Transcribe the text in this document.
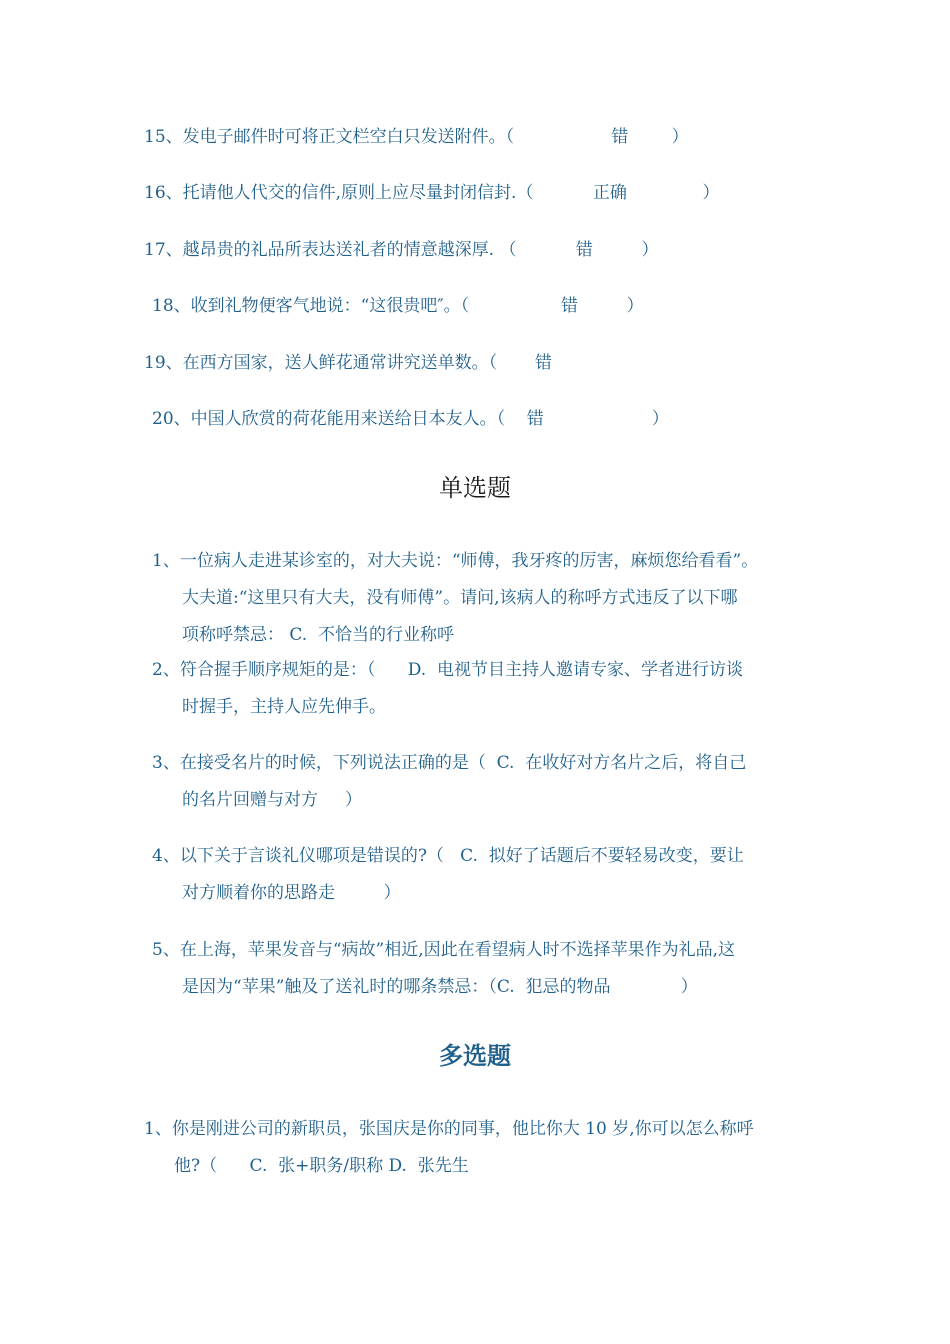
15、发电子邮件时可将正文栏空白只发送附件。（                  错        ）
16、托请他人代交的信件,原则上应尽量封闭信封.（           正确              ）
17、越昂贵的礼品所表达送礼者的情意越深厚. （           错         ）
18、收到礼物便客气地说：“这很贵吧″。（                 错         ）
19、在西方国家，送人鲜花通常讲究送单数。（       错
20、中国人欣赏的荷花能用来送给日本友人。（    错                    ）
单选题
1、一位病人走进某诊室的，对大夫说：“师傅，我牙疼的厉害，麻烦您给看看”。
大夫道:“这里只有大夫，没有师傅”。请问,该病人的称呼方式违反了以下哪
项称呼禁忌： C.  不恰当的行业称呼
2、符合握手顺序规矩的是：（      D.  电视节目主持人邀请专家、学者进行访谈
时握手，主持人应先伸手。
3、在接受名片的时候，下列说法正确的是（  C.  在收好对方名片之后，将自己
的名片回赠与对方     ）
4、以下关于言谈礼仪哪项是错误的?（   C.  拟好了话题后不要轻易改变，要让
对方顺着你的思路走         ）
5、在上海，苹果发音与“病故”相近,因此在看望病人时不选择苹果作为礼品,这
是因为“苹果”触及了送礼时的哪条禁忌：（C.  犯忌的物品             ）
多选题
1、你是刚进公司的新职员，张国庆是你的同事，他比你大 10 岁,你可以怎么称呼
他?（      C.  张+职务/职称 D.  张先生
